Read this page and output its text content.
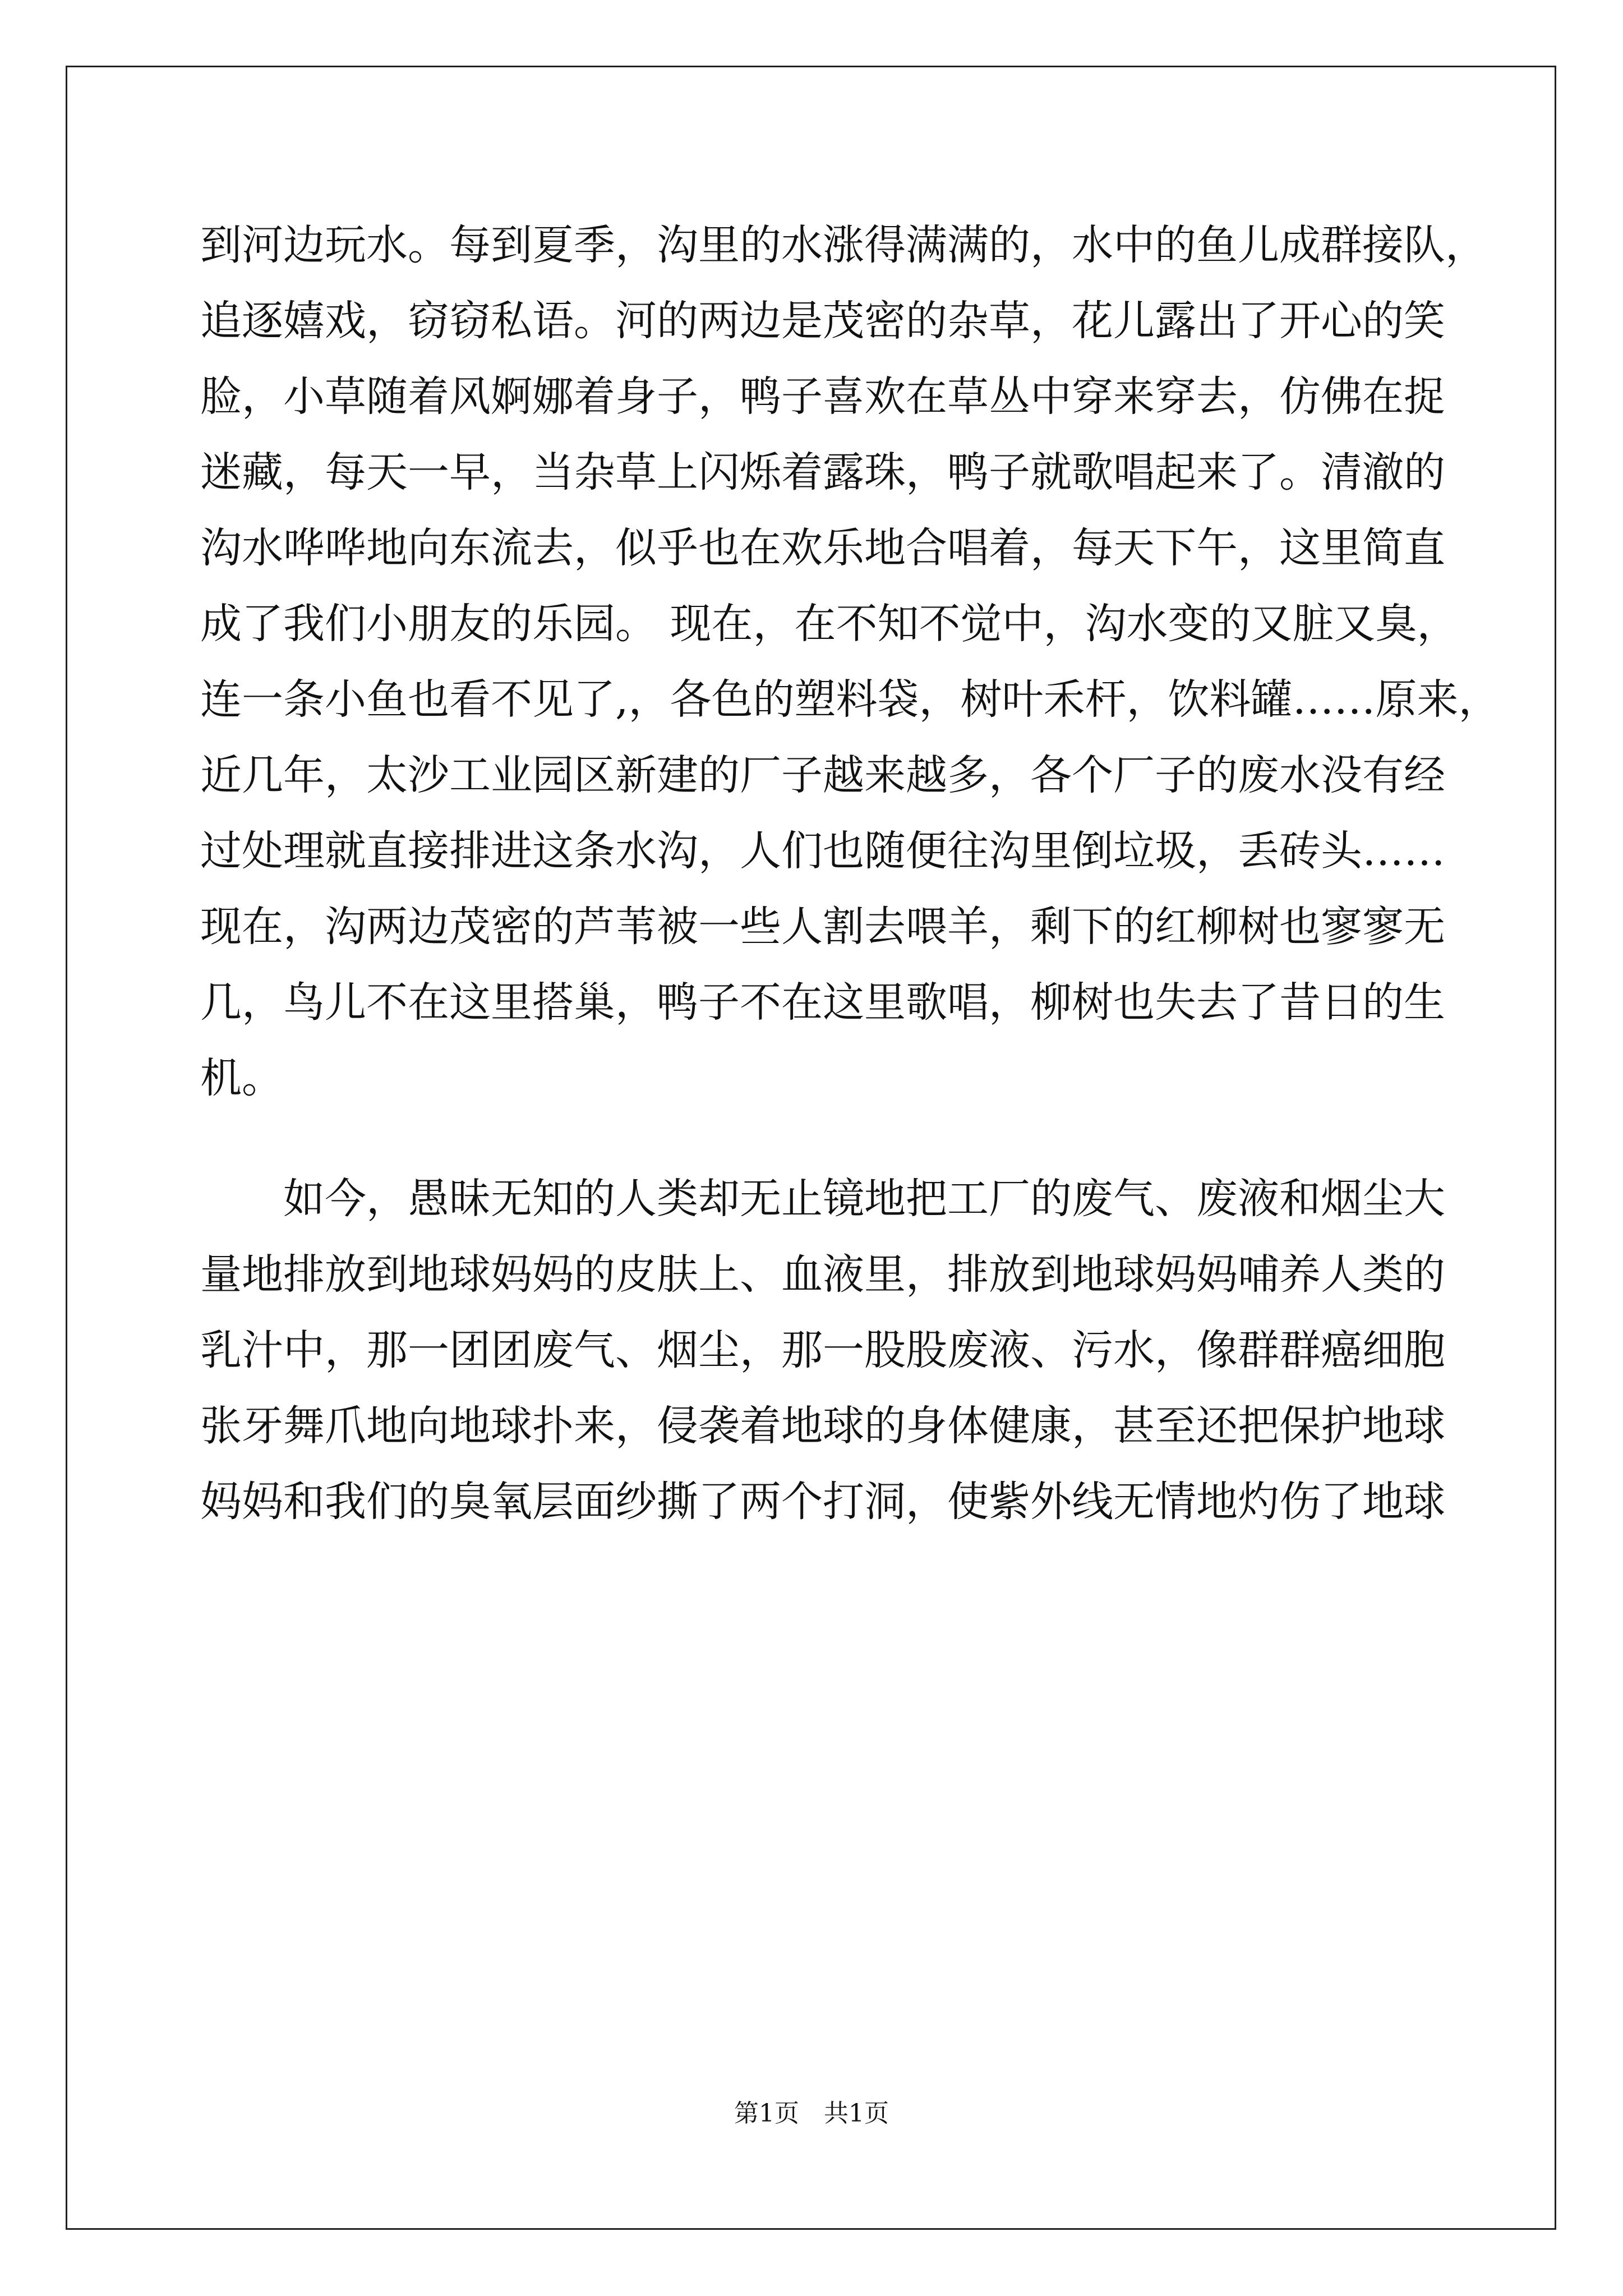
到河边玩水。每到夏季，沟里的水涨得满满的，水中的鱼儿成群接队，
追逐嬉戏，窃窃私语。河的两边是茂密的杂草，花儿露出了开心的笑
脸，小草随着风婀娜着身子，鸭子喜欢在草丛中穿来穿去，仿佛在捉
迷藏，每天一早，当杂草上闪烁着露珠，鸭子就歌唱起来了。清澈的
沟水哗哗地向东流去，似乎也在欢乐地合唱着，每天下午，这里简直
成了我们小朋友的乐园。 现在，在不知不觉中，沟水变的又脏又臭，
连一条小鱼也看不见了,，各色的塑料袋，树叶禾杆，饮料罐……原来，
近几年，太沙工业园区新建的厂子越来越多，各个厂子的废水没有经
过处理就直接排进这条水沟，人们也随便往沟里倒垃圾，丢砖头……
现在，沟两边茂密的芦苇被一些人割去喂羊，剩下的红柳树也寥寥无
几，鸟儿不在这里搭巢，鸭子不在这里歌唱，柳树也失去了昔日的生
机。
　　如今，愚昧无知的人类却无止镜地把工厂的废气、废液和烟尘大
量地排放到地球妈妈的皮肤上、血液里，排放到地球妈妈哺养人类的
乳汁中，那一团团废气、烟尘，那一股股废液、污水，像群群癌细胞
张牙舞爪地向地球扑来，侵袭着地球的身体健康，甚至还把保护地球
妈妈和我们的臭氧层面纱撕了两个打洞，使紫外线无情地灼伤了地球
第1页　共1页
